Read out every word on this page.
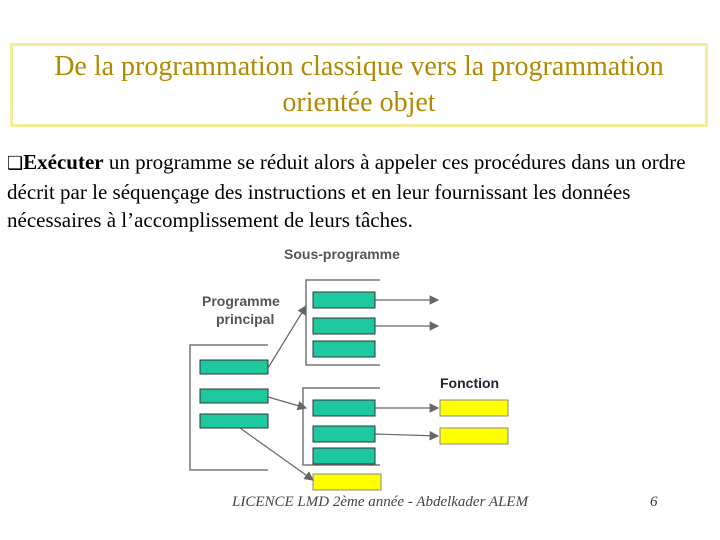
De la programmation classique vers la programmation orientée objet
❑Exécuter un programme se réduit alors à appeler ces procédures dans un ordre décrit par le séquençage des instructions et en leur fournissant les données nécessaires à l’accomplissement de leurs tâches.
Sous-programme
Programme
principal
Fonction
LICENCE LMD 2ème année - Abdelkader ALEM	6
